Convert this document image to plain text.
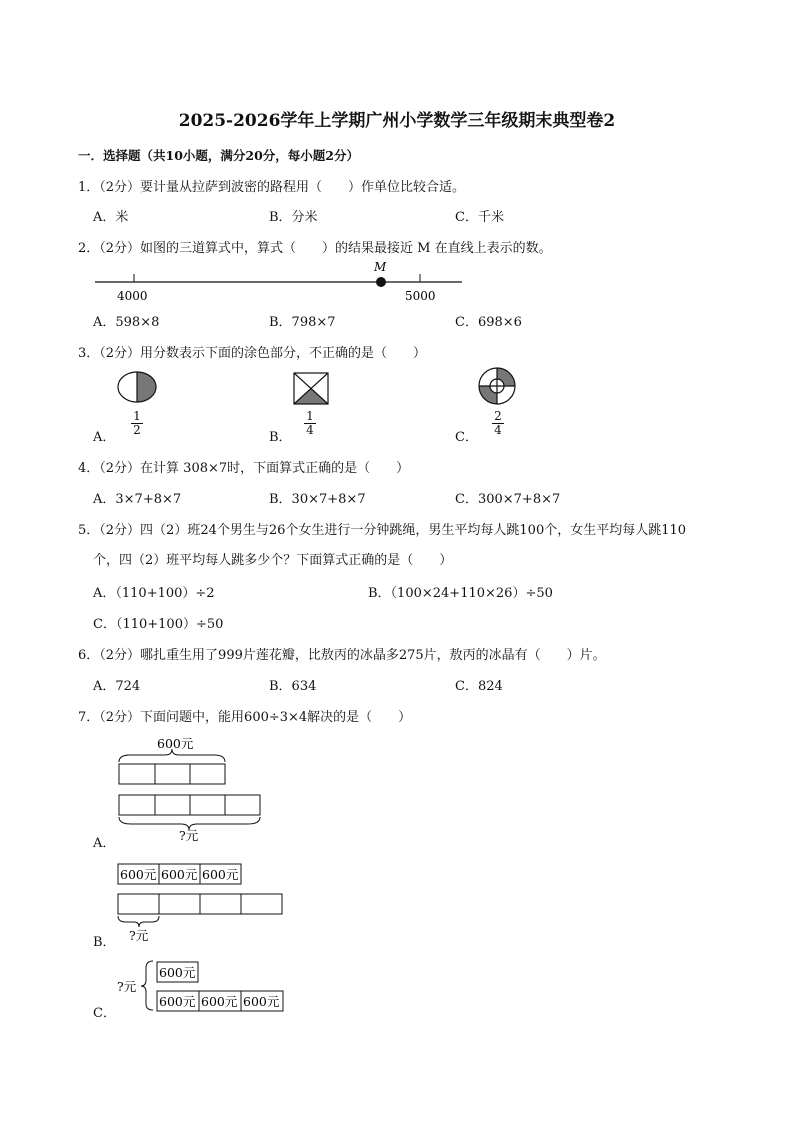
2025-2026学年上学期广州小学数学三年级期末典型卷2
一．选择题（共10小题，满分20分，每小题2分）
1．（2分）要计量从拉萨到波密的路程用（　　）作单位比较合适。
A．米	B．分米	C．千米
2．（2分）如图的三道算式中，算式（　　）的结果最接近 M 在直线上表示的数。
M
4000	5000
A．598×8	B．798×7	C．698×6
3．（2分）用分数表示下面的涂色部分，不正确的是（　　）
A．
1
2	B．
1
4	C．
2
4
4．（2分）在计算 308×7时，下面算式正确的是（　　）
A．3×7+8×7	B．30×7+8×7	C．300×7+8×7
5．（2分）四（2）班24个男生与26个女生进行一分钟跳绳，男生平均每人跳100个，女生平均每人跳110
个，四（2）班平均每人跳多少个？下面算式正确的是（　　）
A．（110+100）÷2	B．（100×24+110×26）÷50
C．（110+100）÷50
6．（2分）哪扎重生用了999片莲花瓣，比敖丙的冰晶多275片，敖丙的冰晶有（　　）片。
A．724	B．634	C．824
7．（2分）下面问题中，能用600÷3×4解决的是（　　）
600元
?元
600元 600元 600元
?元
?元
600元
600元 600元 600元
A．
B．
C．
